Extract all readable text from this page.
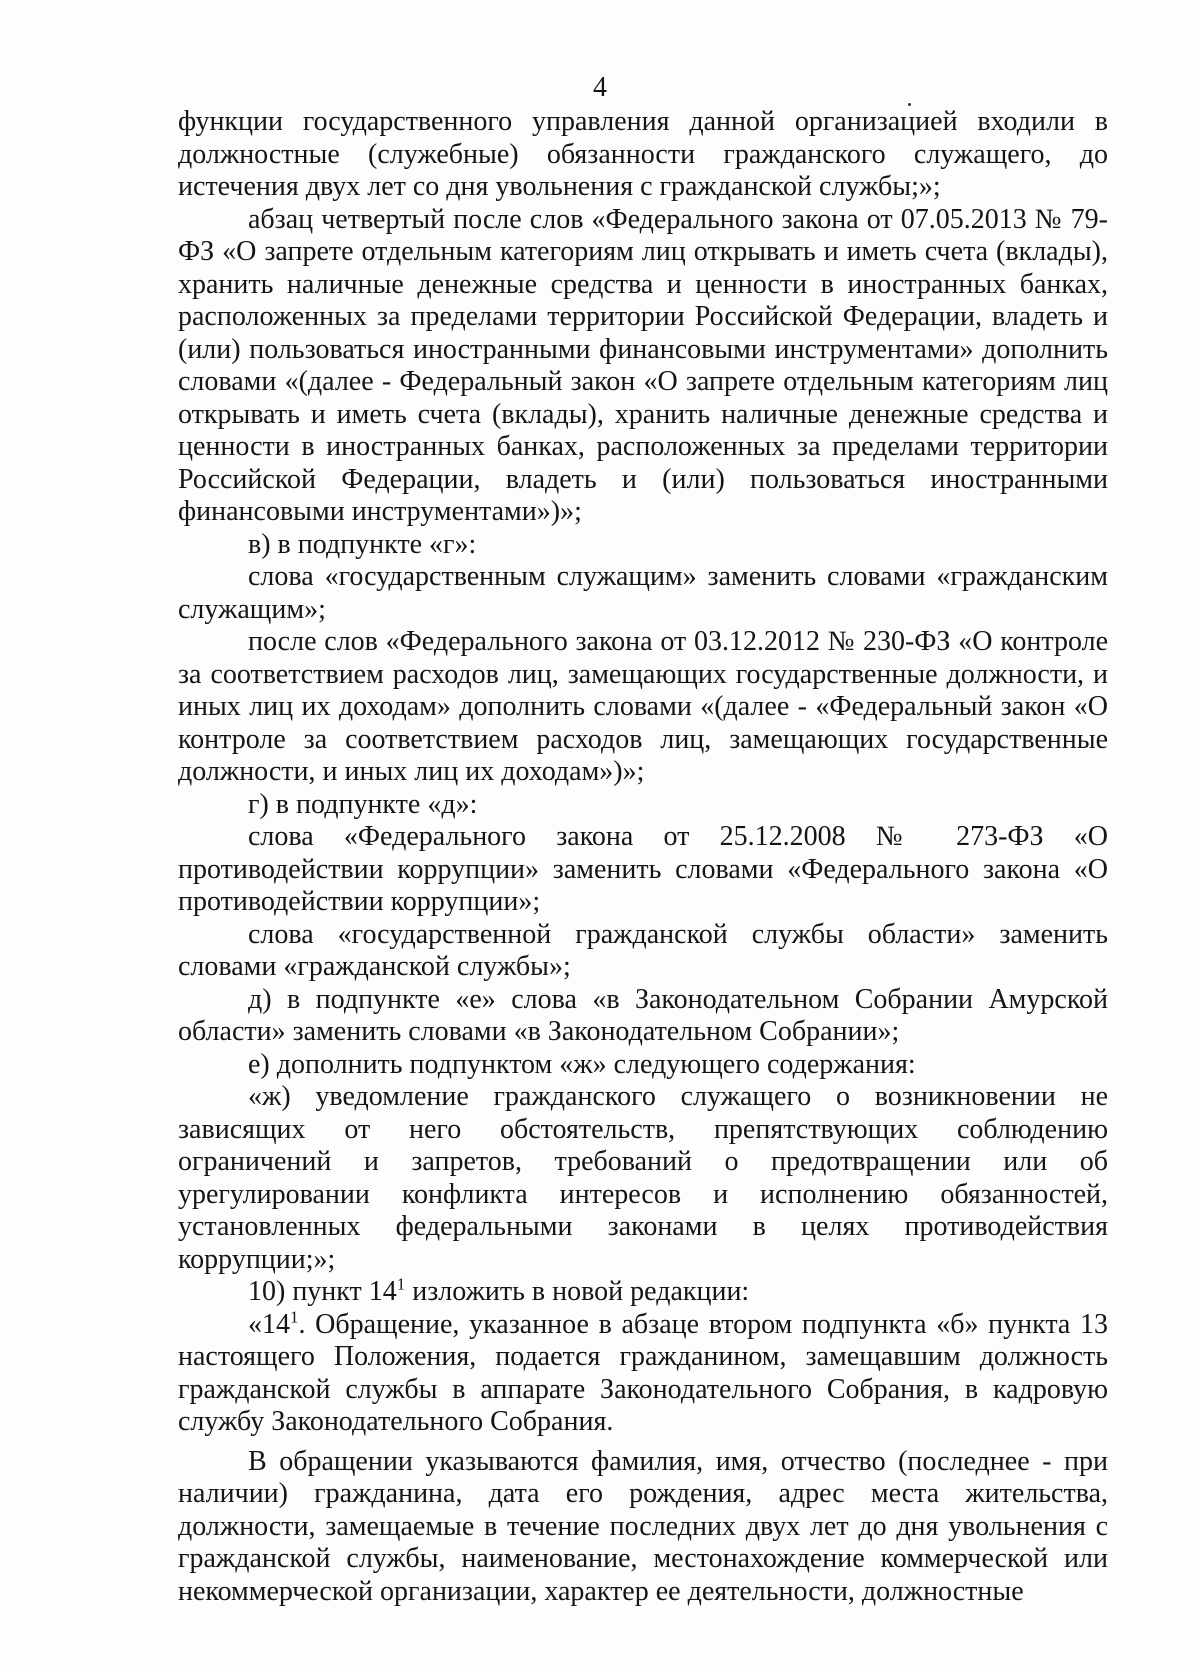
4

функции государственного управления данной организацией входили в должностные (служебные) обязанности гражданского служащего, до истечения двух лет со дня увольнения с гражданской службы;»;

абзац четвертый после слов «Федерального закона от 07.05.2013 № 79-ФЗ «О запрете отдельным категориям лиц открывать и иметь счета (вклады), хранить наличные денежные средства и ценности в иностранных банках, расположенных за пределами территории Российской Федерации, владеть и (или) пользоваться иностранными финансовыми инструментами» дополнить словами «(далее - Федеральный закон «О запрете отдельным категориям лиц открывать и иметь счета (вклады), хранить наличные денежные средства и ценности в иностранных банках, расположенных за пределами территории Российской Федерации, владеть и (или) пользоваться иностранными финансовыми инструментами»)»;

в) в подпункте «г»:

слова «государственным служащим» заменить словами «гражданским служащим»;

после слов «Федерального закона от 03.12.2012 № 230-ФЗ «О контроле за соответствием расходов лиц, замещающих государственные должности, и иных лиц их доходам» дополнить словами «(далее - «Федеральный закон «О контроле за соответствием расходов лиц, замещающих государственные должности, и иных лиц их доходам»)»;

г) в подпункте «д»:

слова «Федерального закона от 25.12.2008 № 273-ФЗ «О противодействии коррупции» заменить словами «Федерального закона «О противодействии коррупции»;

слова «государственной гражданской службы области» заменить словами «гражданской службы»;

д) в подпункте «е» слова «в Законодательном Собрании Амурской области» заменить словами «в Законодательном Собрании»;

е) дополнить подпунктом «ж» следующего содержания:

«ж) уведомление гражданского служащего о возникновении не зависящих от него обстоятельств, препятствующих соблюдению ограничений и запретов, требований о предотвращении или об урегулировании конфликта интересов и исполнению обязанностей, установленных федеральными законами в целях противодействия коррупции;»;

10) пункт $14^1$ изложить в новой редакции:

«$14^1$. Обращение, указанное в абзаце втором подпункта «б» пункта 13 настоящего Положения, подается гражданином, замещавшим должность гражданской службы в аппарате Законодательного Собрания, в кадровую службу Законодательного Собрания.

В обращении указываются фамилия, имя, отчество (последнее - при наличии) гражданина, дата его рождения, адрес места жительства, должности, замещаемые в течение последних двух лет до дня увольнения с гражданской службы, наименование, местонахождение коммерческой или некоммерческой организации, характер ее деятельности, должностные
